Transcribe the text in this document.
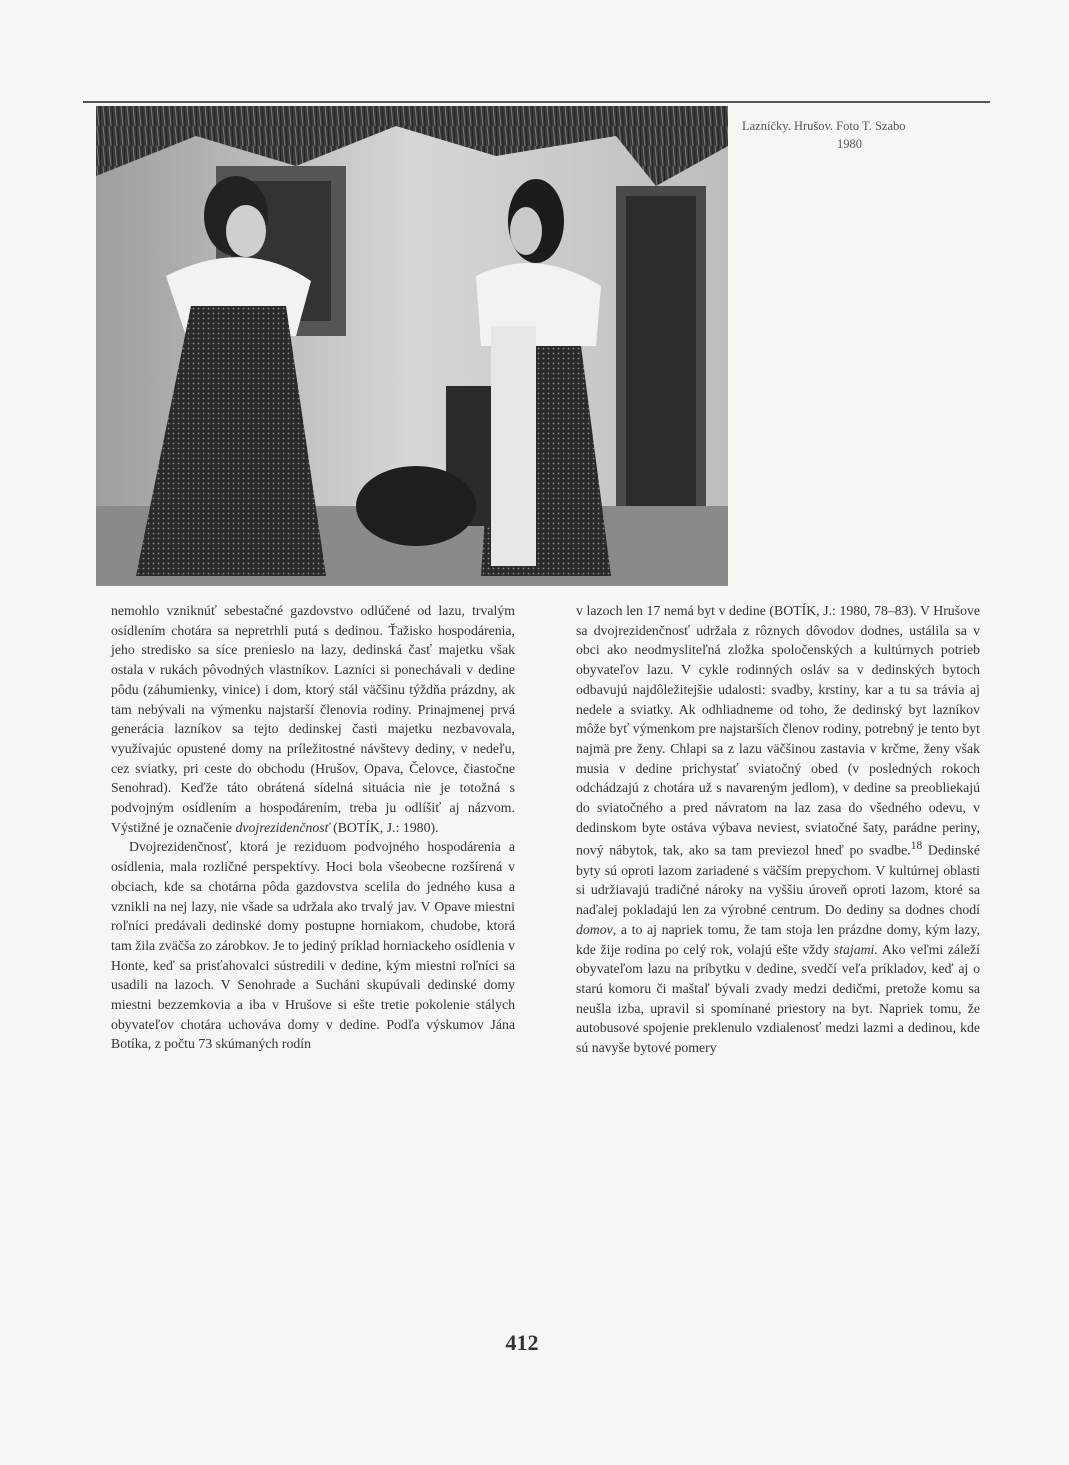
Lazníčky. Hrušov. Foto T. Szabo
1980

nemohlo vzniknúť sebestačné gazdovstvo odlúčené od lazu, trvalým osídlením chotára sa nepretrhli putá s dedinou. Ťažisko hospodárenia, jeho stredisko sa síce prenieslo na lazy, dedinská časť majetku však ostala v rukách pôvodných vlastníkov. Lazníci si ponechávali v dedine pôdu (záhumienky, vinice) i dom, ktorý stál väčšinu týždňa prázdny, ak tam nebývali na výmenku najstarší členovia rodiny. Prinajmenej prvá generácia lazníkov sa tejto dedinskej časti majetku nezbavovala, využívajúc opustené domy na príležitostné návštevy dediny, v nedeľu, cez sviatky, pri ceste do obchodu (Hrušov, Opava, Čelovce, čiastočne Senohrad). Keďže táto obrátená sídelná situácia nie je totožná s podvojným osídlením a hospodárením, treba ju odlíšiť aj názvom. Výstižné je označenie dvojrezidenčnosť (BOTÍK, J.: 1980).

Dvojrezidenčnosť, ktorá je reziduom podvojného hospodárenia a osídlenia, mala rozličné perspektívy. Hoci bola všeobecne rozšírená v obciach, kde sa chotárna pôda gazdovstva scelila do jedného kusa a vznikli na nej lazy, nie všade sa udržala ako trvalý jav. V Opave miestni roľníci predávali dedinské domy postupne horniakom, chudobe, ktorá tam žila zväčša zo zárobkov. Je to jediný príklad horniackeho osídlenia v Honte, keď sa prisťahovalci sústredili v dedine, kým miestni roľníci sa usadili na lazoch. V Senohrade a Sucháni skupúvali dedinské domy miestni bezzemkovia a iba v Hrušove si ešte tretie pokolenie stálych obyvateľov chotára uchováva domy v dedine. Podľa výskumov Jána Botíka, z počtu 73 skúmaných rodín

v lazoch len 17 nemá byt v dedine (BOTÍK, J.: 1980, 78–83). V Hrušove sa dvojrezidenčnosť udržala z rôznych dôvodov dodnes, ustálila sa v obci ako neodmysliteľná zložka spoločenských a kultúrnych potrieb obyvateľov lazu. V cykle rodinných osláv sa v dedinských bytoch odbavujú najdôležitejšie udalosti: svadby, krstiny, kar a tu sa trávia aj nedele a sviatky. Ak odhliadneme od toho, že dedinský byt lazníkov môže byť výmenkom pre najstarších členov rodiny, potrebný je tento byt najmä pre ženy. Chlapi sa z lazu väčšinou zastavia v krčme, ženy však musia v dedine prichystať sviatočný obed (v posledných rokoch odchádzajú z chotára už s navareným jedlom), v dedine sa preobliekajú do sviatočného a pred návratom na laz zasa do všedného odevu, v dedinskom byte ostáva výbava neviest, sviatočné šaty, parádne periny, nový nábytok, tak, ako sa tam previezol hneď po svadbe.$^{18}$ Dedinské byty sú oproti lazom zariadené s väčším prepychom. V kultúrnej oblasti si udržiavajú tradičné nároky na vyššiu úroveň oproti lazom, ktoré sa naďalej pokladajú len za výrobné centrum. Do dediny sa dodnes chodí domov, a to aj napriek tomu, že tam stoja len prázdne domy, kým lazy, kde žije rodina po celý rok, volajú ešte vždy stajami. Ako veľmi záleží obyvateľom lazu na príbytku v dedine, svedčí veľa príkladov, keď aj o starú komoru či maštaľ bývali zvady medzi dedičmi, pretože komu sa neušla izba, upravil si spomínané priestory na byt. Napriek tomu, že autobusové spojenie preklenulo vzdialenosť medzi lazmi a dedinou, kde sú navyše bytové pomery

412
